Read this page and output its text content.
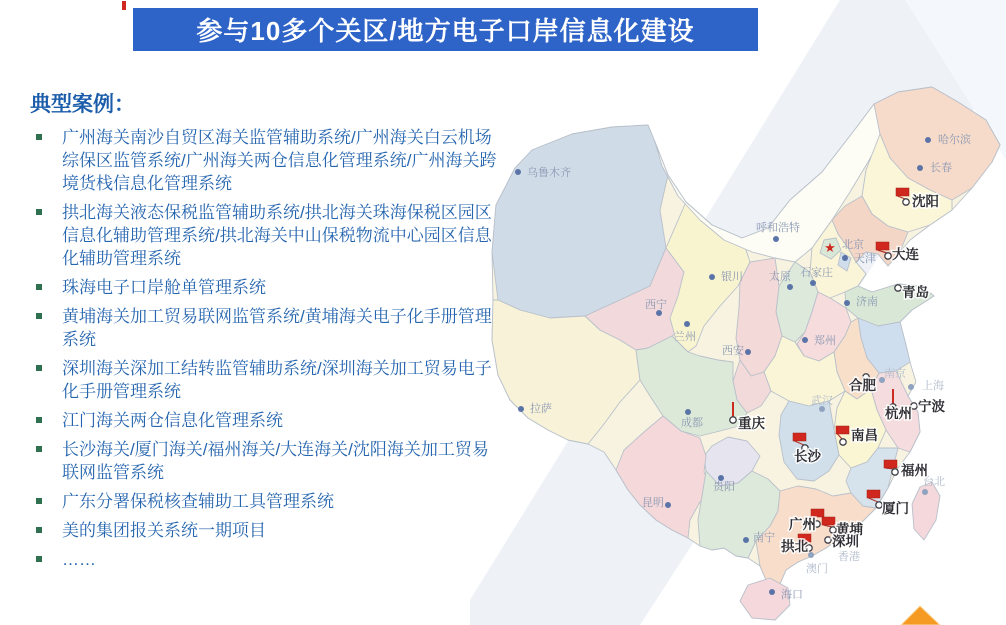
参与10多个关区/地方电子口岸信息化建设
典型案例：
广州海关南沙自贸区海关监管辅助系统/广州海关白云机场综保区监管系统/广州海关两仓信息化管理系统/广州海关跨境货栈信息化管理系统
拱北海关液态保税监管辅助系统/拱北海关珠海保税区园区信息化辅助管理系统/拱北海关中山保税物流中心园区信息化辅助管理系统
珠海电子口岸舱单管理系统
黄埔海关加工贸易联网监管系统/黄埔海关电子化手册管理系统
深圳海关深加工结转监管辅助系统/深圳海关加工贸易电子化手册管理系统
江门海关两仓信息化管理系统
长沙海关/厦门海关/福州海关/大连海关/沈阳海关加工贸易联网监管系统
广东分署保税核查辅助工具管理系统
美的集团报关系统一期项目
……
乌鲁木齐
哈尔滨
长春
呼和浩特
★ 北京
天津
石家庄
太原
银川
西宁
兰州
西安
济南
郑州
武汉
南京
上海
拉萨
成都
昆明
贵阳
南宁
海口
台北
香港
澳门
沈阳
大连
青岛
合肥
宁波
杭州
南昌
长沙
重庆
福州
厦门
广州 黄埔
深圳
拱北
